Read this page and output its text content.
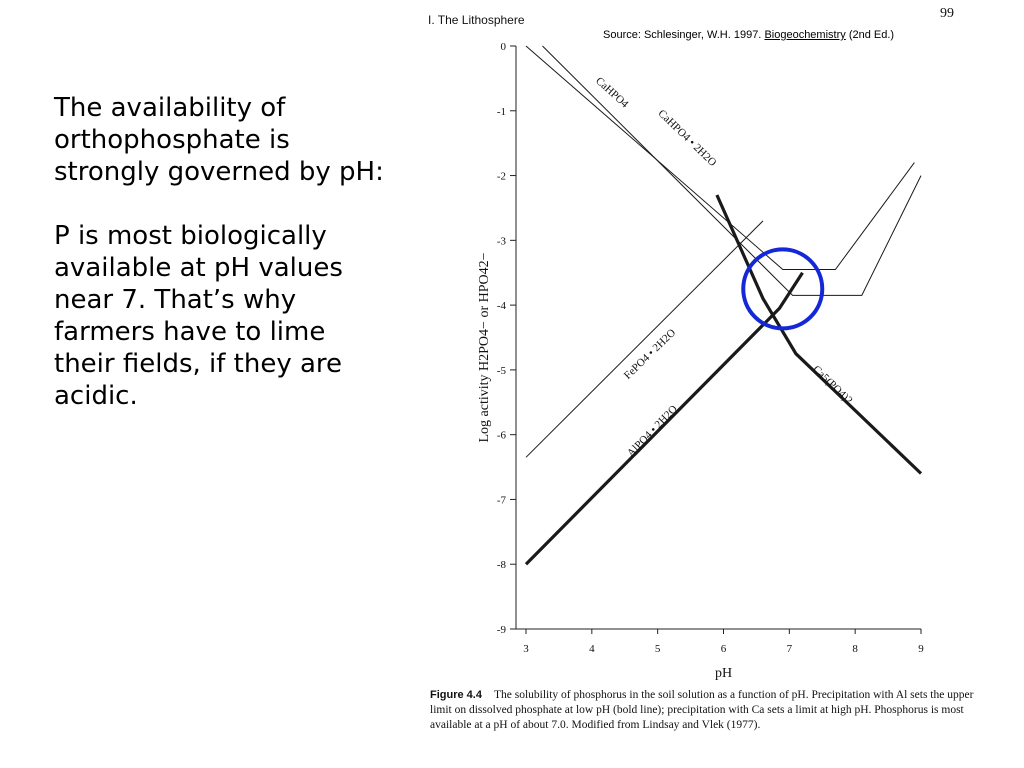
The availability of orthophosphate is strongly governed by pH:

P is most biologically available at pH values near 7. That’s why farmers have to lime their fields, if they are acidic.

I. The Lithosphere	99
Source: Schlesinger, W.H. 1997. Biogeochemistry (2nd Ed.)
0
-1
-2
-3
-4
-5
-6
-7
-8
-9
3	4	5	6	7	8	9
pH
Log activity H2PO4− or HPO42−
CaHPO4
CaHPO4 • 2H2O
FePO4 • 2H2O
AlPO4 • 2H2O
Ca5(PO4)2
Figure 4.4 The solubility of phosphorus in the soil solution as a function of pH. Precipitation with Al sets the upper limit on dissolved phosphate at low pH (bold line); precipitation with Ca sets a limit at high pH. Phosphorus is most available at a pH of about 7.0. Modified from Lindsay and Vlek (1977).
